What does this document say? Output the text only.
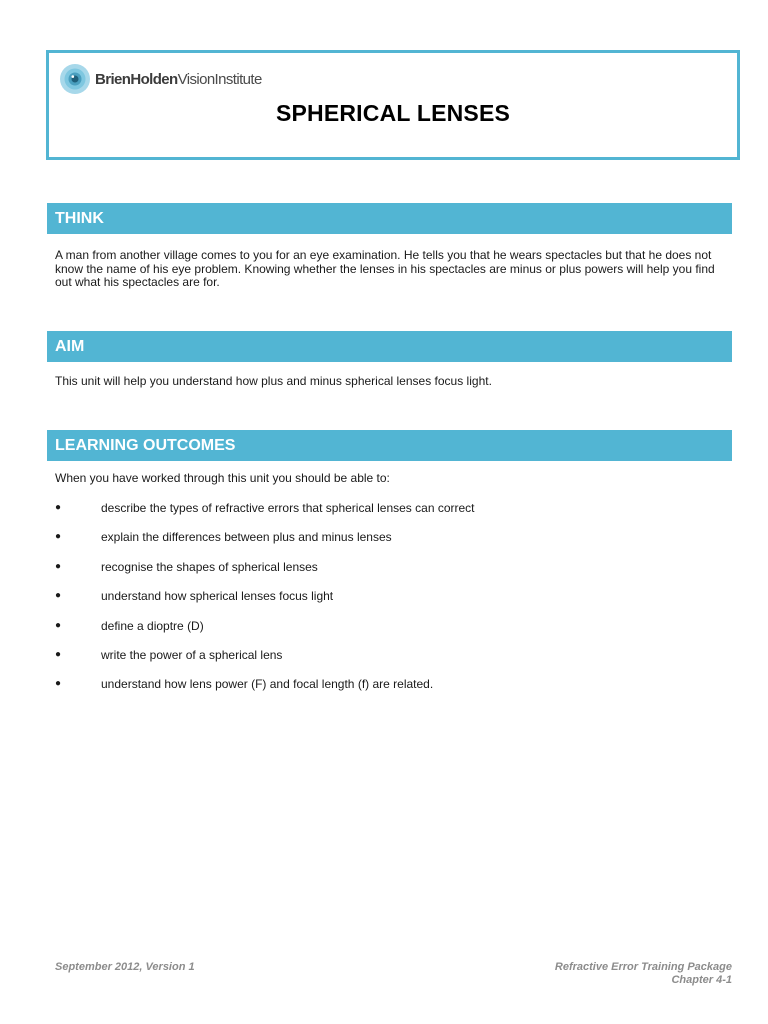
BrienHoldenVisionInstitute
SPHERICAL LENSES
THINK

A man from another village comes to you for an eye examination. He tells you that he wears spectacles but that he does not know the name of his eye problem. Knowing whether the lenses in his spectacles are minus or plus powers will help you find out what his spectacles are for.

AIM

This unit will help you understand how plus and minus spherical lenses focus light.

LEARNING OUTCOMES

When you have worked through this unit you should be able to:

●	describe the types of refractive errors that spherical lenses can correct
●	explain the differences between plus and minus lenses
●	recognise the shapes of spherical lenses
●	understand how spherical lenses focus light
●	define a dioptre (D)
●	write the power of a spherical lens
●	understand how lens power (F) and focal length (f) are related.

September 2012, Version 1	Refractive Error Training Package
Chapter 4-1
